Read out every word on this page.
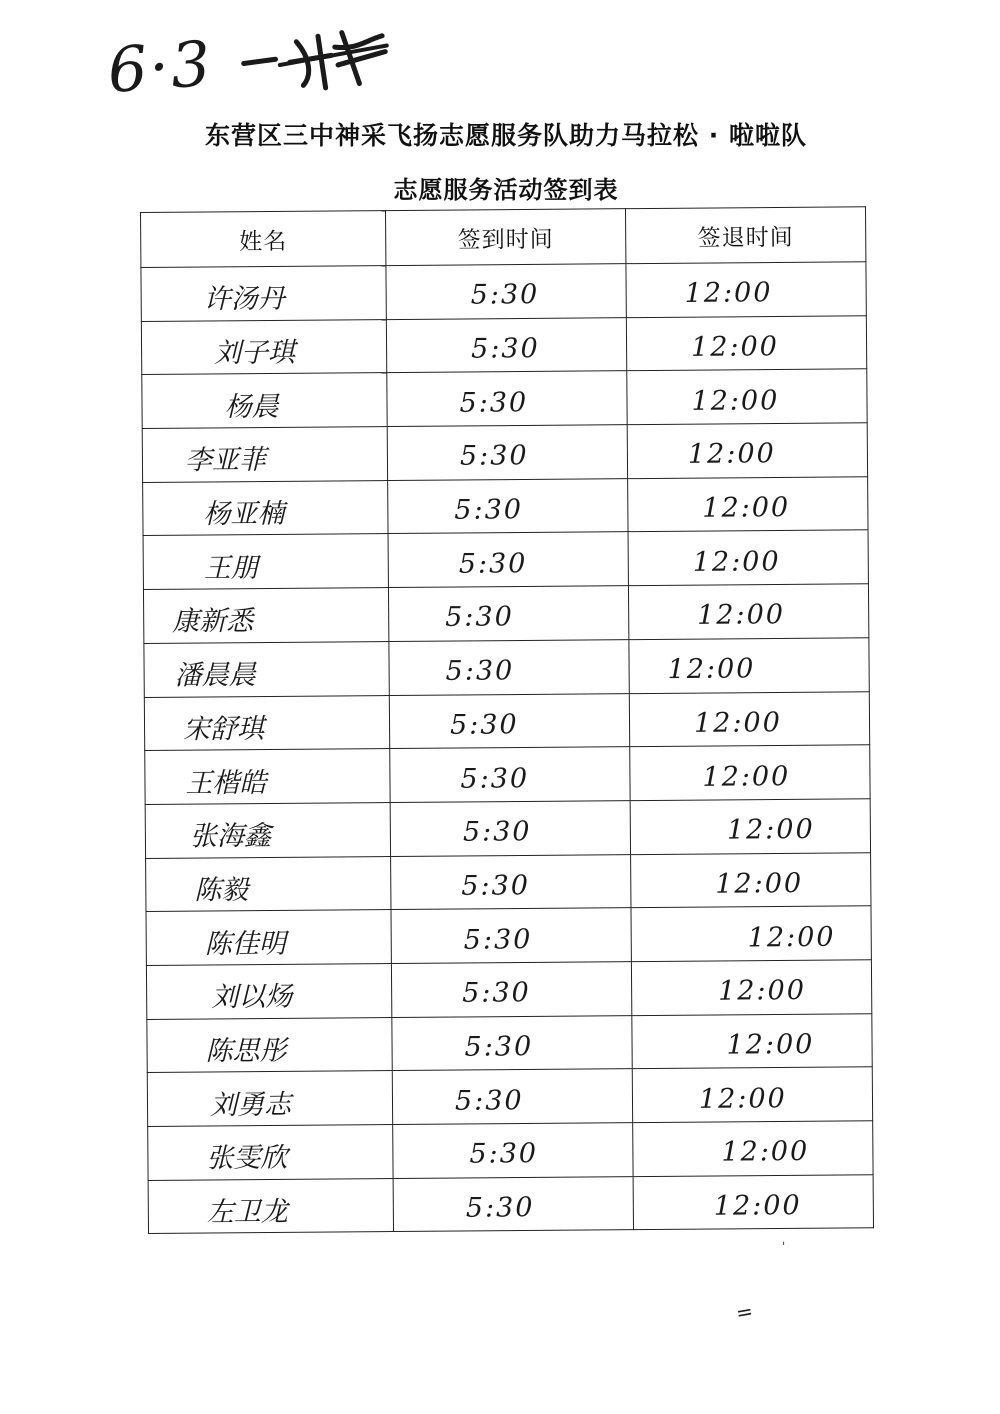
6·3
东营区三中神采飞扬志愿服务队助力马拉松 · 啦啦队
志愿服务活动签到表
姓名	签到时间	签退时间

许汤丹	5:30	12:00

刘子琪	5:30	12:00

杨晨	5:30	12:00

李亚菲	5:30	12:00

杨亚楠	5:30	12:00

王朋	5:30	12:00

康新悉	5:30	12:00

潘晨晨	5:30	12:00

宋舒琪	5:30	12:00

王楷皓	5:30	12:00

张海鑫	5:30	12:00

陈毅	5:30	12:00

陈佳明	5:30	12:00

刘以炀	5:30	12:00

陈思彤	5:30	12:00

刘勇志	5:30	12:00

张雯欣	5:30	12:00

左卫龙	5:30	12:00
ˈ
=
